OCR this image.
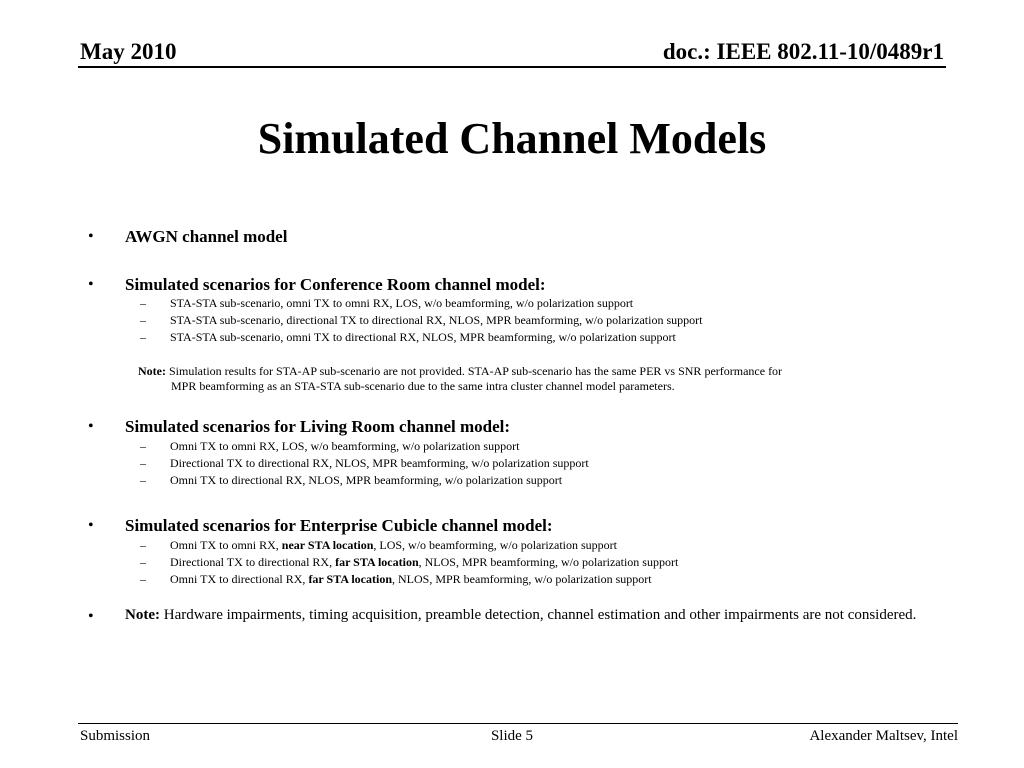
May 2010	doc.: IEEE 802.11-10/0489r1
Simulated Channel Models
• AWGN channel model
• Simulated scenarios for Conference Room channel model:
– STA-STA sub-scenario, omni TX to omni RX, LOS, w/o beamforming, w/o polarization support
– STA-STA sub-scenario, directional TX to directional RX, NLOS, MPR beamforming, w/o polarization support
– STA-STA sub-scenario, omni TX to directional RX, NLOS, MPR beamforming, w/o polarization support
Note: Simulation results for STA-AP sub-scenario are not provided. STA-AP sub-scenario has the same PER vs SNR performance for
MPR beamforming as an STA-STA sub-scenario due to the same intra cluster channel model parameters.
• Simulated scenarios for Living Room channel model:
– Omni TX to omni RX, LOS, w/o beamforming, w/o polarization support
– Directional TX to directional RX, NLOS, MPR beamforming, w/o polarization support
– Omni TX to directional RX, NLOS, MPR beamforming, w/o polarization support
• Simulated scenarios for Enterprise Cubicle channel model:
– Omni TX to omni RX, near STA location, LOS, w/o beamforming, w/o polarization support
– Directional TX to directional RX, far STA location, NLOS, MPR beamforming, w/o polarization support
– Omni TX to directional RX, far STA location, NLOS, MPR beamforming, w/o polarization support
• Note: Hardware impairments, timing acquisition, preamble detection, channel estimation and other impairments are not considered.
Submission	Slide 5	Alexander Maltsev, Intel
